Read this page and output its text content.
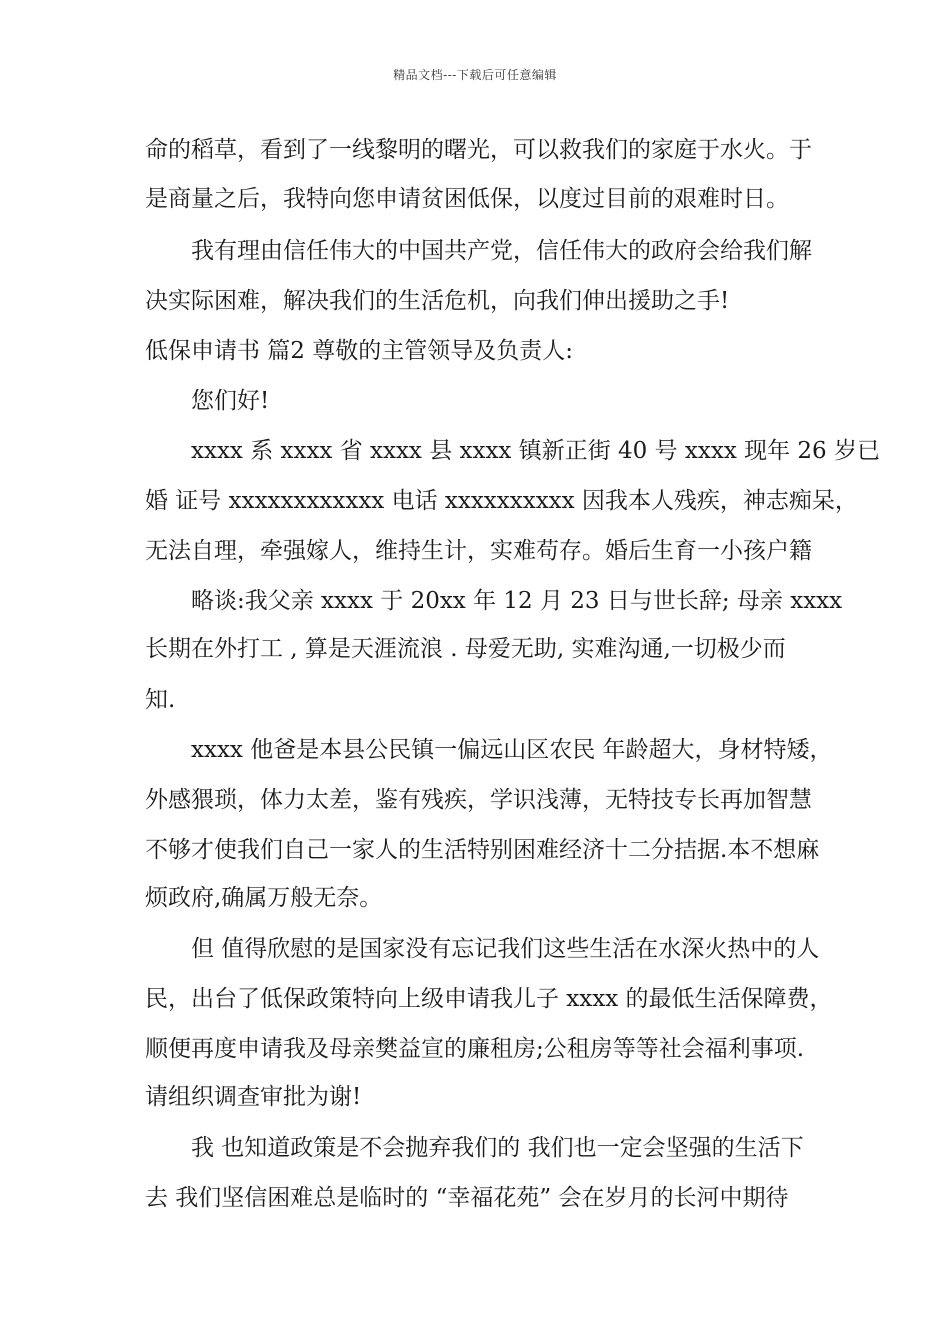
精品文档---下载后可任意编辑
命的稻草，看到了一线黎明的曙光，可以救我们的家庭于水火。于
是商量之后，我特向您申请贫困低保，以度过目前的艰难时日。
我有理由信任伟大的中国共产党，信任伟大的政府会给我们解
决实际困难，解决我们的生活危机，向我们伸出援助之手!
低保申请书 篇2 尊敬的主管领导及负责人:
您们好!
xxxx 系 xxxx 省 xxxx 县 xxxx 镇新正街 40 号 xxxx 现年 26 岁已
婚 证号 xxxxxxxxxxxx 电话 xxxxxxxxxx 因我本人残疾，神志痴呆，
无法自理，牵强嫁人，维持生计，实难苟存。婚后生育一小孩户籍
略谈:我父亲 xxxx 于 20xx 年 12 月 23 日与世长辞; 母亲 xxxx
长期在外打工 , 算是天涯流浪 . 母爱无助, 实难沟通,一切极少而
知.
xxxx 他爸是本县公民镇一偏远山区农民 年龄超大，身材特矮，
外感猥琐，体力太差，鉴有残疾，学识浅薄，无特技专长再加智慧
不够才使我们自己一家人的生活特别困难经济十二分拮据.本不想麻
烦政府,确属万般无奈。
但 值得欣慰的是国家没有忘记我们这些生活在水深火热中的人
民，出台了低保政策特向上级申请我儿子 xxxx 的最低生活保障费，
顺便再度申请我及母亲樊益宣的廉租房;公租房等等社会福利事项.
请组织调查审批为谢!
我 也知道政策是不会抛弃我们的 我们也一定会坚强的生活下
去 我们坚信困难总是临时的 “幸福花苑” 会在岁月的长河中期待
